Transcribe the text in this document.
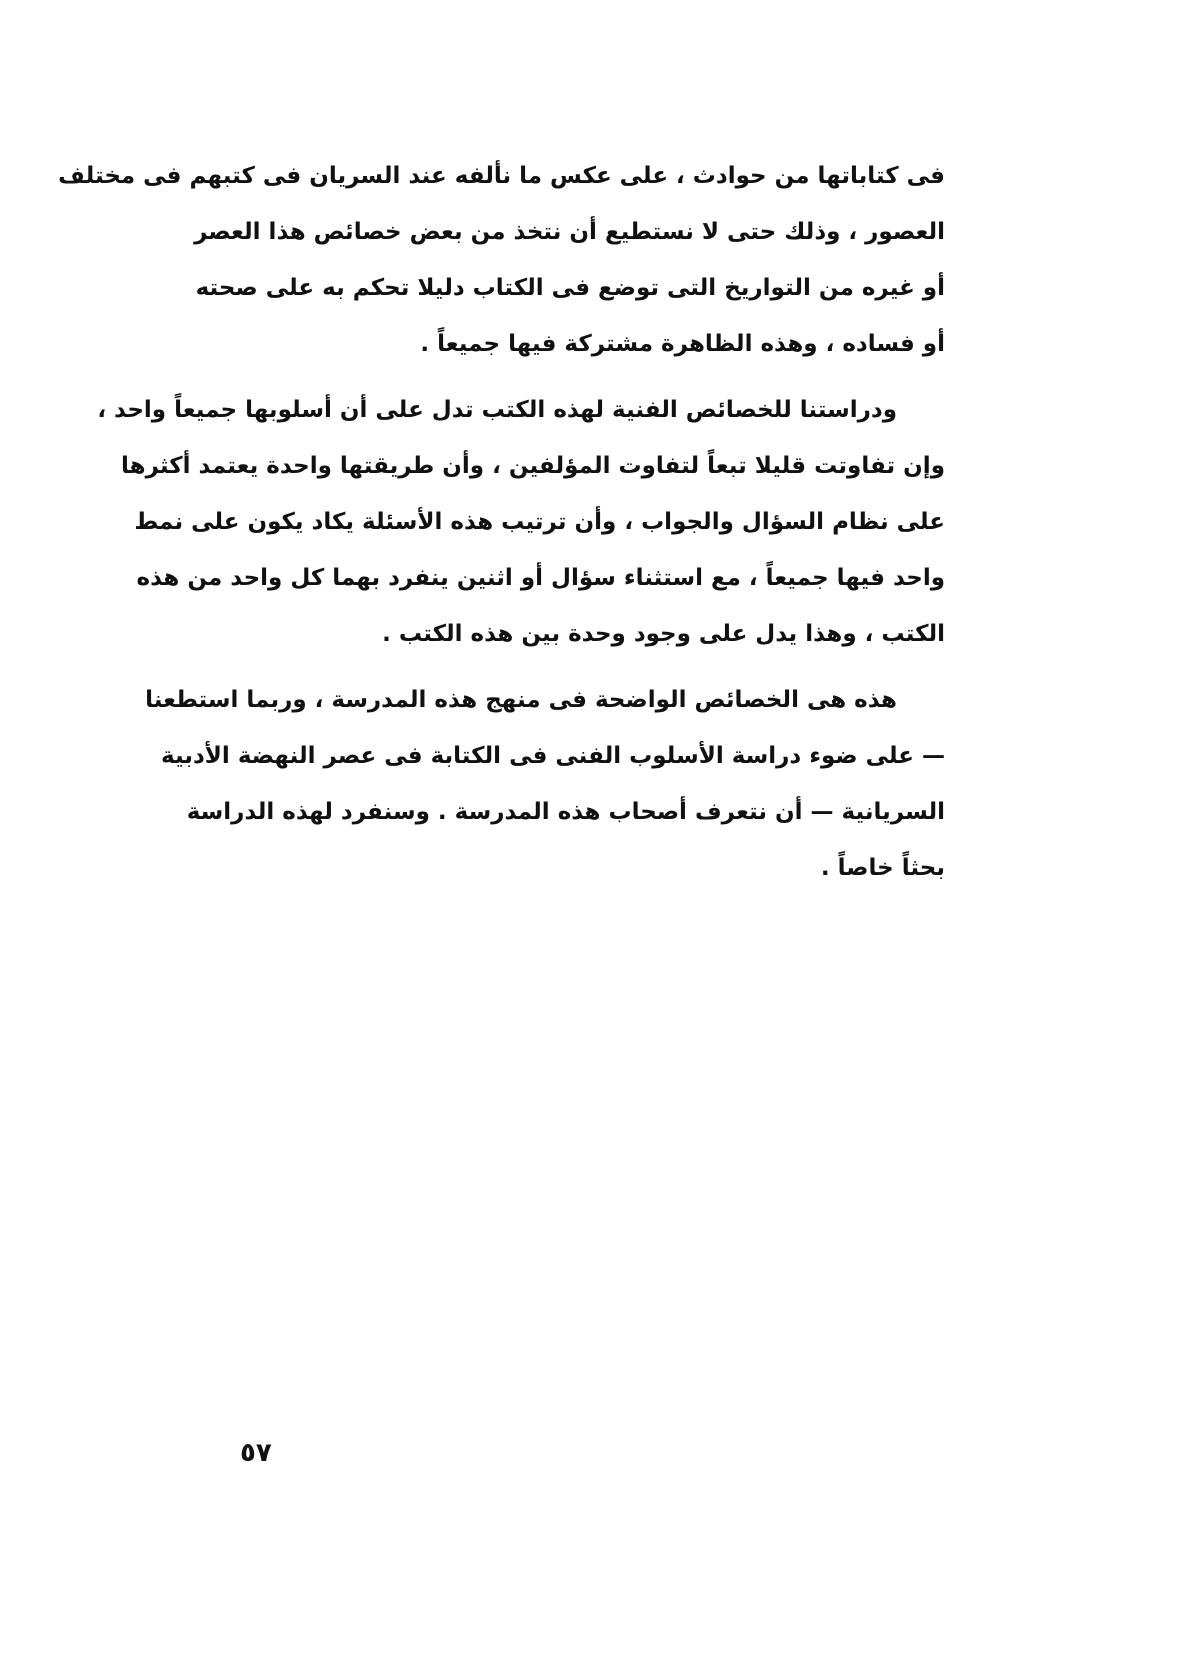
فى كتاباتها من حوادث ، على عكس ما نألفه عند السريان فى كتبهم فى مختلف
العصور ، وذلك حتى لا نستطيع أن نتخذ من بعض خصائص هذا العصر
أو غيره من التواريخ التى توضع فى الكتاب دليلا تحكم به على صحته
أو فساده ، وهذه الظاهرة مشتركة فيها جميعاً .

ودراستنا للخصائص الفنية لهذه الكتب تدل على أن أسلوبها جميعاً واحد ،
وإن تفاوتت قليلا تبعاً لتفاوت المؤلفين ، وأن طريقتها واحدة يعتمد أكثرها
على نظام السؤال والجواب ، وأن ترتيب هذه الأسئلة يكاد يكون على نمط
واحد فيها جميعاً ، مع استثناء سؤال أو اثنين ينفرد بهما كل واحد من هذه
الكتب ، وهذا يدل على وجود وحدة بين هذه الكتب .

هذه هى الخصائص الواضحة فى منهج هذه المدرسة ، وربما استطعنا
— على ضوء دراسة الأسلوب الفنى فى الكتابة فى عصر النهضة الأدبية
السريانية — أن نتعرف أصحاب هذه المدرسة . وسنفرد لهذه الدراسة
بحثاً خاصاً .

٥٧
